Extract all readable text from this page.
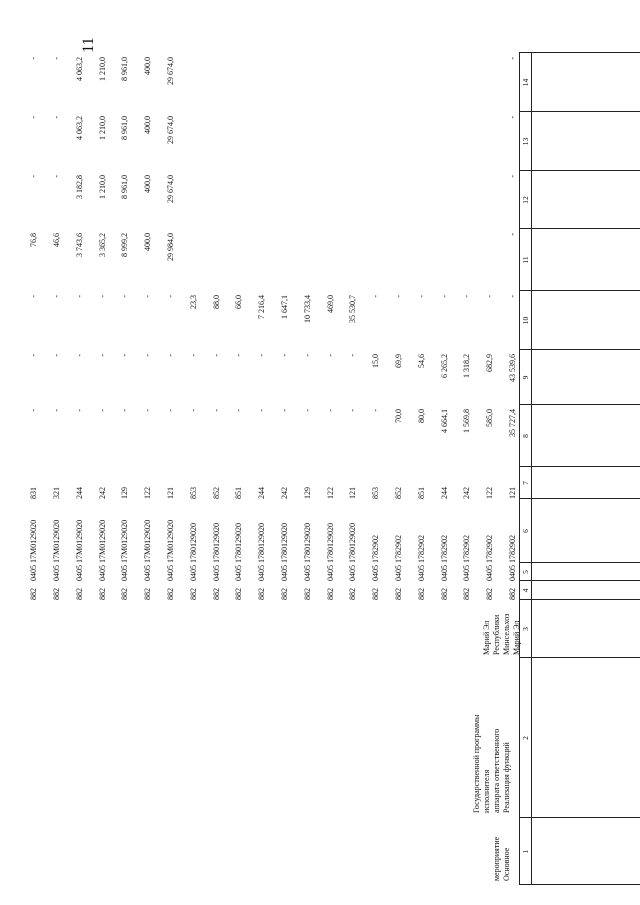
11
1
2
3
4
5
6
7
8
9
10
11
12
13
14
Основное
мероприятие
Реализация функций
аппарата ответственного
исполнителя
Государственной программы
Марий Эл
Минсельхоз
Республики
Марий Эл
882
0405
1782902
121
35 727,4
43 539,6
-
-
-
-
-
882
0405
1782902
122
585,0
682,9
-
882
0405
1782902
242
1 569,8
1 318,2
-
882
0405
1782902
244
4 664,1
6 265,2
-
882
0405
1782902
851
80,0
54,6
-
882
0405
1782902
852
70,0
69,9
-
882
0405
1782902
853
-
15,0
-
882
0405
1780129020
121
-
-
35 530,7
882
0405
1780129020
122
-
-
469,0
882
0405
1780129020
129
-
-
10 733,4
882
0405
1780129020
242
-
-
1 647,1
882
0405
1780129020
244
-
-
7 216,4
882
0405
1780129020
851
-
-
66,0
882
0405
1780129020
852
-
-
88,0
882
0405
1780129020
853
-
-
23,3
882
0405
17М0129020
121
-
-
-
29 984,0
29 674,0
29 674,0
29 674,0
882
0405
17М0129020
122
-
-
-
400,0
400,0
400,0
400,0
882
0405
17М0129020
129
-
-
-
8 999,2
8 961,0
8 961,0
8 961,0
882
0405
17М0129020
242
-
-
-
3 365,2
1 210,0
1 210,0
1 210,0
882
0405
17М0129020
244
-
-
-
3 743,6
3 182,8
4 063,2
4 063,2
882
0405
17М0129020
321
-
-
-
46,6
-
-
-
882
0405
17М0129020
831
-
-
-
76,8
-
-
-
